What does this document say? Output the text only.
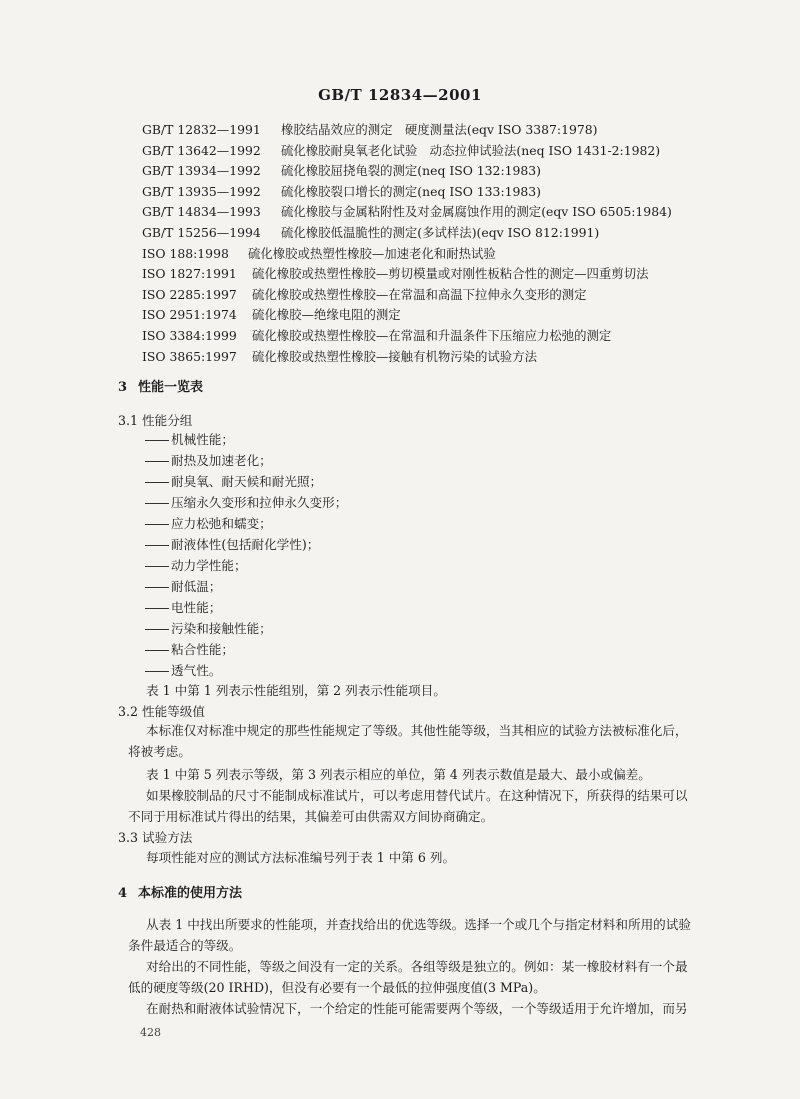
GB/T 12834—2001
GB/T 12832—1991 橡胶结晶效应的测定　硬度测量法(eqv ISO 3387:1978)
GB/T 13642—1992 硫化橡胶耐臭氧老化试验　动态拉伸试验法(neq ISO 1431-2:1982)
GB/T 13934—1992 硫化橡胶屈挠龟裂的测定(neq ISO 132:1983)
GB/T 13935—1992 硫化橡胶裂口增长的测定(neq ISO 133:1983)
GB/T 14834—1993 硫化橡胶与金属粘附性及对金属腐蚀作用的测定(eqv ISO 6505:1984)
GB/T 15256—1994 硫化橡胶低温脆性的测定(多试样法)(eqv ISO 812:1991)
ISO 188:1998 硫化橡胶或热塑性橡胶—加速老化和耐热试验
ISO 1827:1991 硫化橡胶或热塑性橡胶—剪切模量或对刚性板粘合性的测定—四重剪切法
ISO 2285:1997 硫化橡胶或热塑性橡胶—在常温和高温下拉伸永久变形的测定
ISO 2951:1974 硫化橡胶—绝缘电阻的测定
ISO 3384:1999 硫化橡胶或热塑性橡胶—在常温和升温条件下压缩应力松弛的测定
ISO 3865:1997 硫化橡胶或热塑性橡胶—接触有机物污染的试验方法
3 性能一览表
3.1 性能分组
机械性能；
耐热及加速老化；
耐臭氧、耐天候和耐光照；
压缩永久变形和拉伸永久变形；
应力松弛和蠕变；
耐液体性(包括耐化学性)；
动力学性能；
耐低温；
电性能；
污染和接触性能；
粘合性能；
透气性。
表 1 中第 1 列表示性能组别，第 2 列表示性能项目。
3.2 性能等级值
本标准仅对标准中规定的那些性能规定了等级。其他性能等级，当其相应的试验方法被标准化后，
将被考虑。
表 1 中第 5 列表示等级，第 3 列表示相应的单位，第 4 列表示数值是最大、最小或偏差。
如果橡胶制品的尺寸不能制成标准试片，可以考虑用替代试片。在这种情况下，所获得的结果可以
不同于用标准试片得出的结果，其偏差可由供需双方间协商确定。
3.3 试验方法
每项性能对应的测试方法标准编号列于表 1 中第 6 列。
4 本标准的使用方法
从表 1 中找出所要求的性能项，并查找给出的优选等级。选择一个或几个与指定材料和所用的试验
条件最适合的等级。
对给出的不同性能，等级之间没有一定的关系。各组等级是独立的。例如：某一橡胶材料有一个最
低的硬度等级(20 IRHD)，但没有必要有一个最低的拉伸强度值(3 MPa)。
在耐热和耐液体试验情况下，一个给定的性能可能需要两个等级，一个等级适用于允许增加，而另
428
